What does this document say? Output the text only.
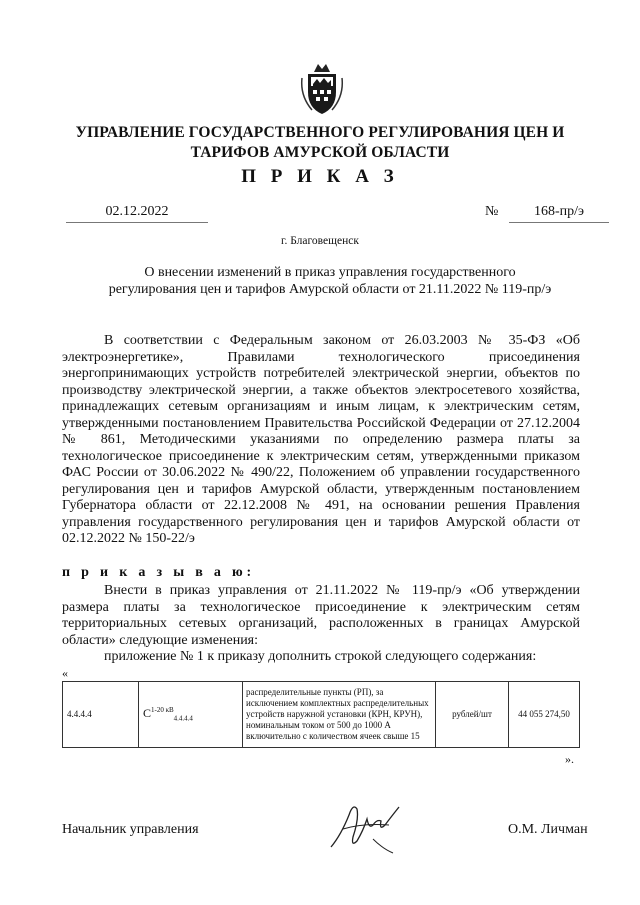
УПРАВЛЕНИЕ ГОСУДАРСТВЕННОГО РЕГУЛИРОВАНИЯ ЦЕН И
ТАРИФОВ АМУРСКОЙ ОБЛАСТИ
П Р И К А З
02.12.2022	№	168-пр/э
г. Благовещенск
О внесении изменений в приказ управления государственного
регулирования цен и тарифов Амурской области от 21.11.2022 № 119-пр/э

В соответствии с Федеральным законом от 26.03.2003 № 35-ФЗ «Об электроэнергетике», Правилами технологического присоединения энергопринимающих устройств потребителей электрической энергии, объектов по производству электрической энергии, а также объектов электросетевого хозяйства, принадлежащих сетевым организациям и иным лицам, к электрическим сетям, утвержденными постановлением Правительства Российской Федерации от 27.12.2004 № 861, Методическими указаниями по определению размера платы за технологическое присоединение к электрическим сетям, утвержденными приказом ФАС России от 30.06.2022 № 490/22, Положением об управлении государственного регулирования цен и тарифов Амурской области, утвержденным постановлением Губернатора области от 22.12.2008 № 491, на основании решения Правления управления государственного регулирования цен и тарифов Амурской области от 02.12.2022 № 150-22/э

п р и к а з ы в а ю:

Внести в приказ управления от 21.11.2022 № 119-пр/э «Об утверждении размера платы за технологическое присоединение к электрическим сетям территориальных сетевых организаций, расположенных в границах Амурской области» следующие изменения:

приложение № 1 к приказу дополнить строкой следующего содержания:
«
4.4.4.4	$C^{1-20 кВ}_{4.4.4.4}$	распределительные пункты (РП), за исключением комплектных распределительных устройств наружной установки (КРН, КРУН), номинальным током от 500 до 1000 А включительно с количеством ячеек свыше 15	рублей/шт	44 055 274,50
».
Начальник управления	О.М. Личман
